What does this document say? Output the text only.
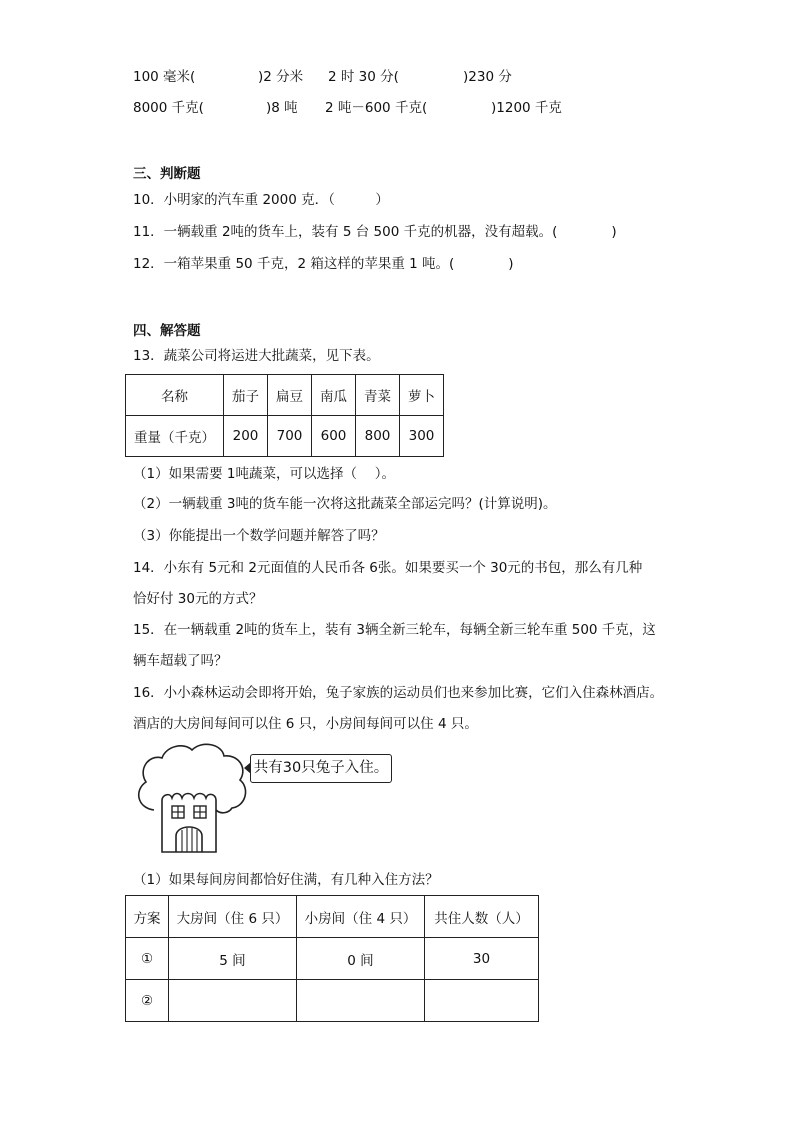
100 毫米(	)2 分米 2 时 30 分(	)230 分
8000 千克(	)8 吨 2 吨－600 千克(	)1200 千克
三、判断题
10．小明家的汽车重 2000 克．（　　　）
11．一辆载重 2吨的货车上，装有 5 台 500 千克的机器，没有超载。(　　　　)
12．一箱苹果重 50 千克，2 箱这样的苹果重 1 吨。(　　　　)
四、解答题
13．蔬菜公司将运进大批蔬菜，见下表。
名称	茄子	扁豆	南瓜	青菜	萝卜
重量（千克）	200	700	600	800	300
（1）如果需要 1吨蔬菜，可以选择（　 ）。
（2）一辆载重 3吨的货车能一次将这批蔬菜全部运完吗？(计算说明)。
（3）你能提出一个数学问题并解答了吗？
14．小东有 5元和 2元面值的人民币各 6张。如果要买一个 30元的书包，那么有几种
恰好付 30元的方式？
15．在一辆载重 2吨的货车上，装有 3辆全新三轮车，每辆全新三轮车重 500 千克，这
辆车超载了吗？
16．小小森林运动会即将开始，兔子家族的运动员们也来参加比赛，它们入住森林酒店。
酒店的大房间每间可以住 6 只，小房间每间可以住 4 只。
共有30只兔子入住。
（1）如果每间房间都恰好住满，有几种入住方法？
方案	大房间（住 6 只）	小房间（住 4 只）	共住人数（人）
①	5 间	0 间	30
②			
